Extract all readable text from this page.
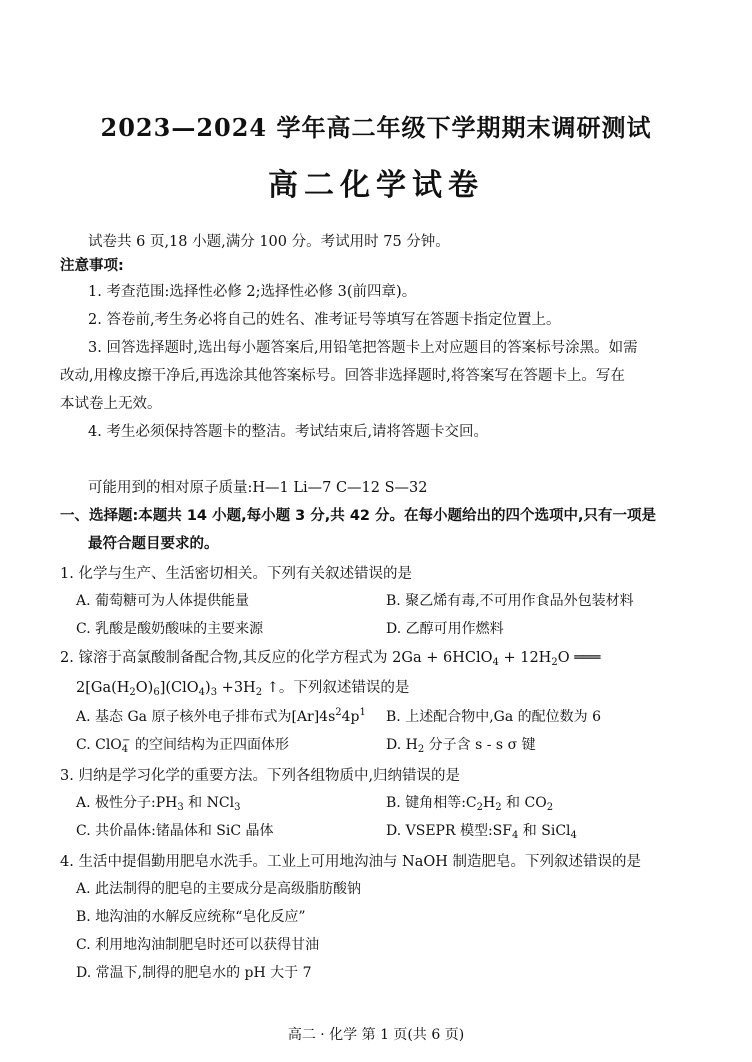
2023—2024 学年高二年级下学期期末调研测试
高二化学试卷
试卷共 6 页,18 小题,满分 100 分。考试用时 75 分钟。
注意事项:
1. 考查范围:选择性必修 2;选择性必修 3(前四章)。
2. 答卷前,考生务必将自己的姓名、准考证号等填写在答题卡指定位置上。
3. 回答选择题时,选出每小题答案后,用铅笔把答题卡上对应题目的答案标号涂黑。如需
改动,用橡皮擦干净后,再选涂其他答案标号。回答非选择题时,将答案写在答题卡上。写在
本试卷上无效。
4. 考生必须保持答题卡的整洁。考试结束后,请将答题卡交回。
可能用到的相对原子质量:H—1 Li—7 C—12 S—32
一、选择题:本题共 14 小题,每小题 3 分,共 42 分。在每小题给出的四个选项中,只有一项是
最符合题目要求的。
1. 化学与生产、生活密切相关。下列有关叙述错误的是
A. 葡萄糖可为人体提供能量	B. 聚乙烯有毒,不可用作食品外包装材料
C. 乳酸是酸奶酸味的主要来源	D. 乙醇可用作燃料
2. 镓溶于高氯酸制备配合物,其反应的化学方程式为 2Ga + 6HClO$_4$ + $12H_2O$ ═══
$2[Ga(H_2O)_6](ClO_4)_3 +3H_2$ ↑。下列叙述错误的是
A. 基态 Ga 原子核外电子排布式为$[Ar]4s^24p^1$ B. 上述配合物中,Ga 的配位数为 6
C. ClO$_4$− 的空间结构为正四面体形	D. $H_2$ 分子含 s - s σ 键
3. 归纳是学习化学的重要方法。下列各组物质中,归纳错误的是
A. 极性分子$:PH_3$ 和 NCl$_3$	B. 键角相等$:C_2H_2$ 和 $CO_2$
C. 共价晶体:锗晶体和 SiC 晶体	D. VSEPR 模型$:SF_4$ 和 SiCl$_4$
4. 生活中提倡勤用肥皂水洗手。工业上可用地沟油与 NaOH 制造肥皂。下列叙述错误的是
A. 此法制得的肥皂的主要成分是高级脂肪酸钠
B. 地沟油的水解反应统称“皂化反应”
C. 利用地沟油制肥皂时还可以获得甘油
D. 常温下,制得的肥皂水的 pH 大于 7
高二 · 化学 第 1 页(共 6 页)
